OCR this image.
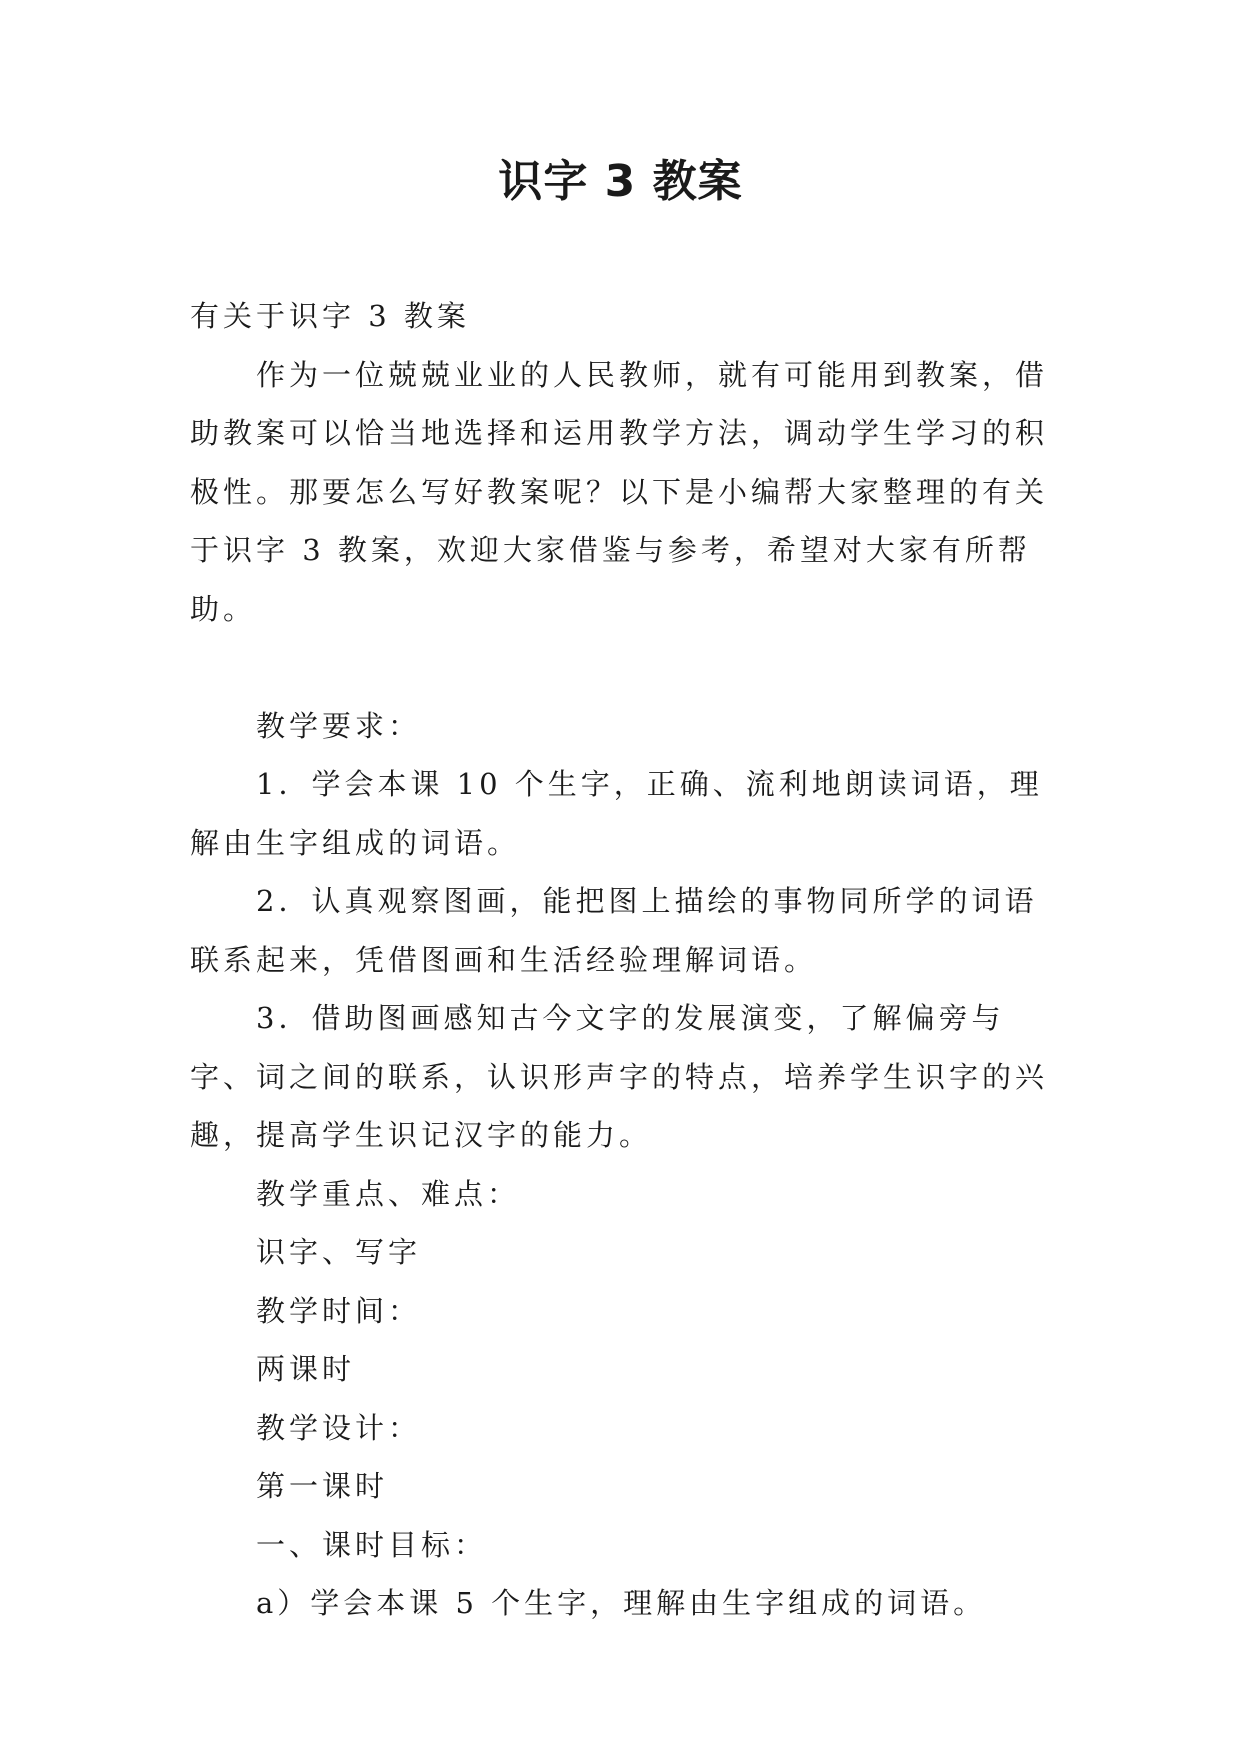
识字 3 教案

有关于识字 3 教案

作为一位兢兢业业的人民教师，就有可能用到教案，借助教案可以恰当地选择和运用教学方法，调动学生学习的积极性。那要怎么写好教案呢？以下是小编帮大家整理的有关于识字 3 教案，欢迎大家借鉴与参考，希望对大家有所帮助。

教学要求：

1．学会本课 10 个生字，正确、流利地朗读词语，理解由生字组成的词语。

2．认真观察图画，能把图上描绘的事物同所学的词语联系起来，凭借图画和生活经验理解词语。

3．借助图画感知古今文字的发展演变，了解偏旁与字、词之间的联系，认识形声字的特点，培养学生识字的兴趣，提高学生识记汉字的能力。

教学重点、难点：

识字、写字

教学时间：

两课时

教学设计：

第一课时

一、课时目标：

a）学会本课 5 个生字，理解由生字组成的词语。
